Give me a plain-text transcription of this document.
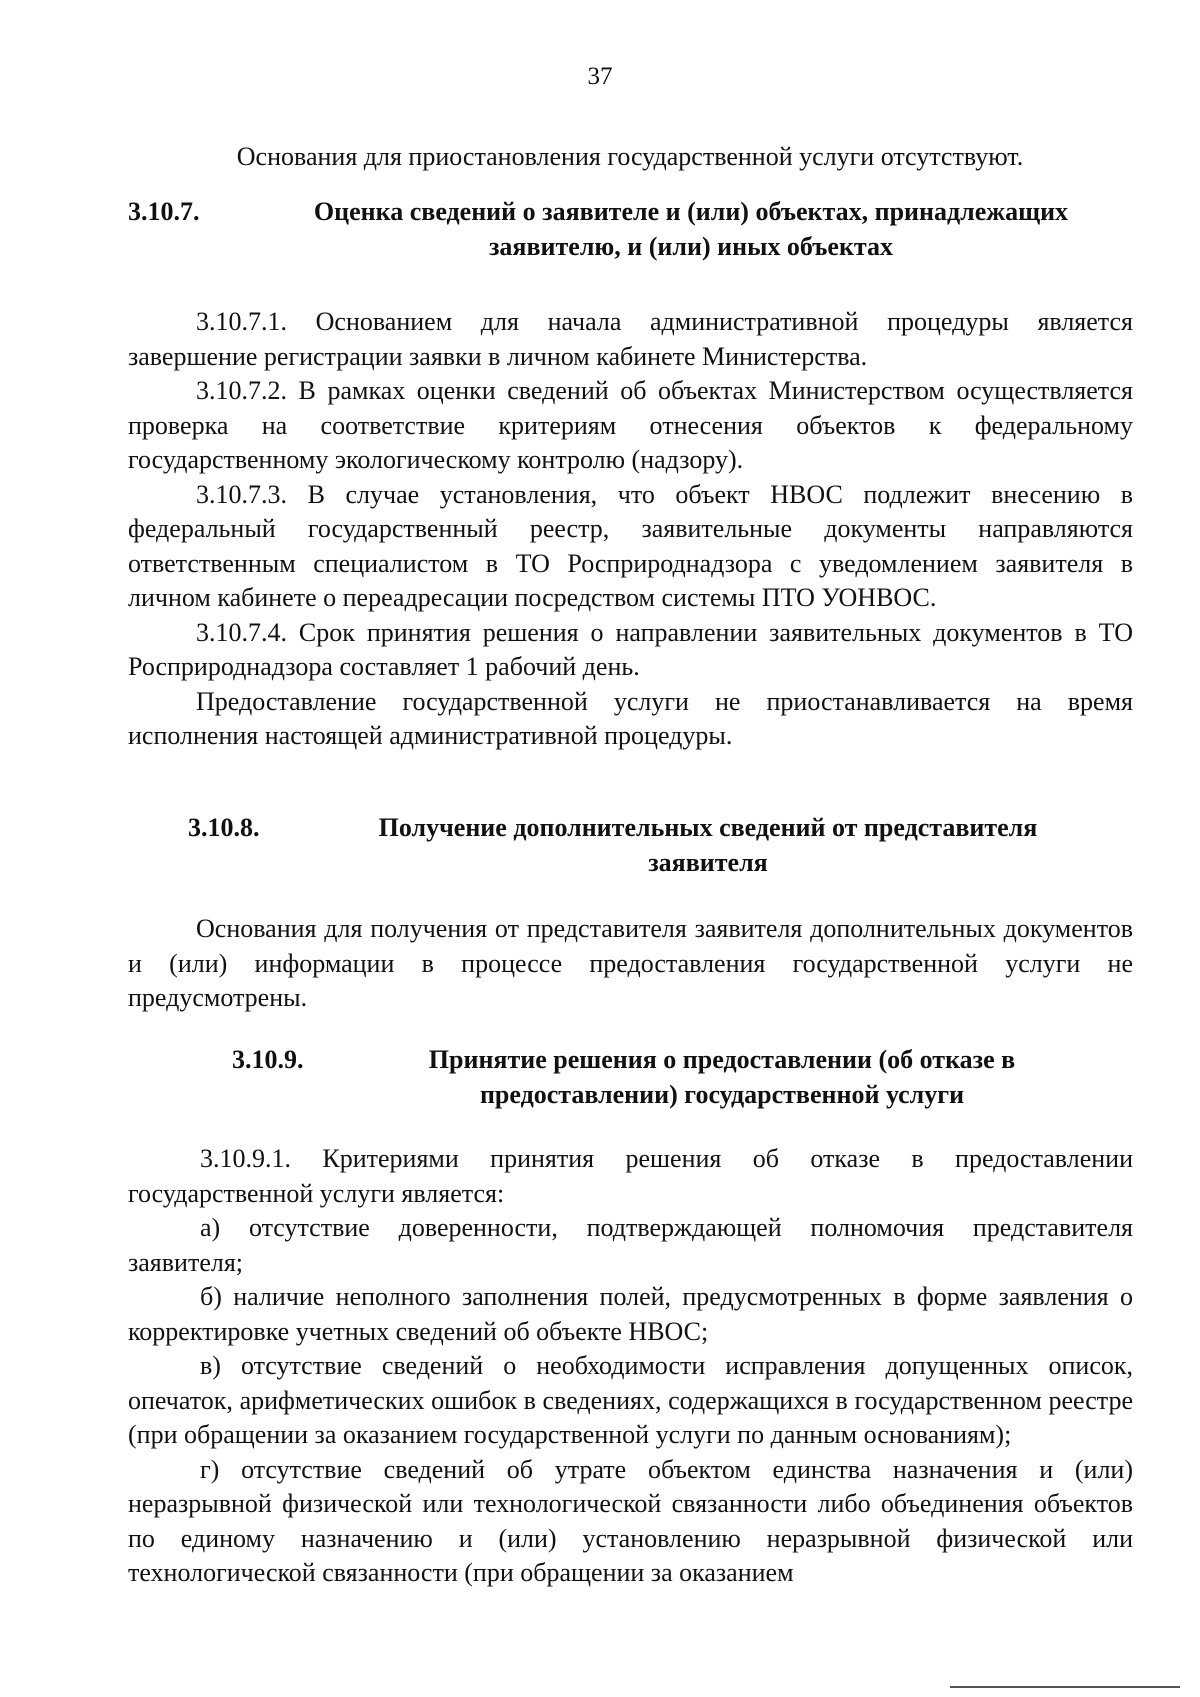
37
Основания для приостановления государственной услуги отсутствуют.
3.10.7.	Оценка сведений о заявителе и (или) объектах, принадлежащих заявителю, и (или) иных объектах

3.10.7.1. Основанием для начала административной процедуры является завершение регистрации заявки в личном кабинете Министерства.

3.10.7.2. В рамках оценки сведений об объектах Министерством осуществляется проверка на соответствие критериям отнесения объектов к федеральному государственному экологическому контролю (надзору).

3.10.7.3. В случае установления, что объект НВОС подлежит внесению в федеральный государственный реестр, заявительные документы направляются ответственным специалистом в ТО Росприроднадзора с уведомлением заявителя в личном кабинете о переадресации посредством системы ПТО УОНВОС.

3.10.7.4. Срок принятия решения о направлении заявительных документов в ТО Росприроднадзора составляет 1 рабочий день.

Предоставление государственной услуги не приостанавливается на время исполнения настоящей административной процедуры.

3.10.8.	Получение дополнительных сведений от представителя заявителя

Основания для получения от представителя заявителя дополнительных документов и (или) информации в процессе предоставления государственной услуги не предусмотрены.

3.10.9.	Принятие решения о предоставлении (об отказе в предоставлении) государственной услуги

3.10.9.1. Критериями принятия решения об отказе в предоставлении государственной услуги является:

а) отсутствие доверенности, подтверждающей полномочия представителя заявителя;

б) наличие неполного заполнения полей, предусмотренных в форме заявления о корректировке учетных сведений об объекте НВОС;

в) отсутствие сведений о необходимости исправления допущенных описок, опечаток, арифметических ошибок в сведениях, содержащихся в государственном реестре (при обращении за оказанием государственной услуги по данным основаниям);

г) отсутствие сведений об утрате объектом единства назначения и (или) неразрывной физической или технологической связанности либо объединения объектов по единому назначению и (или) установлению неразрывной физической или технологической связанности (при обращении за оказанием
